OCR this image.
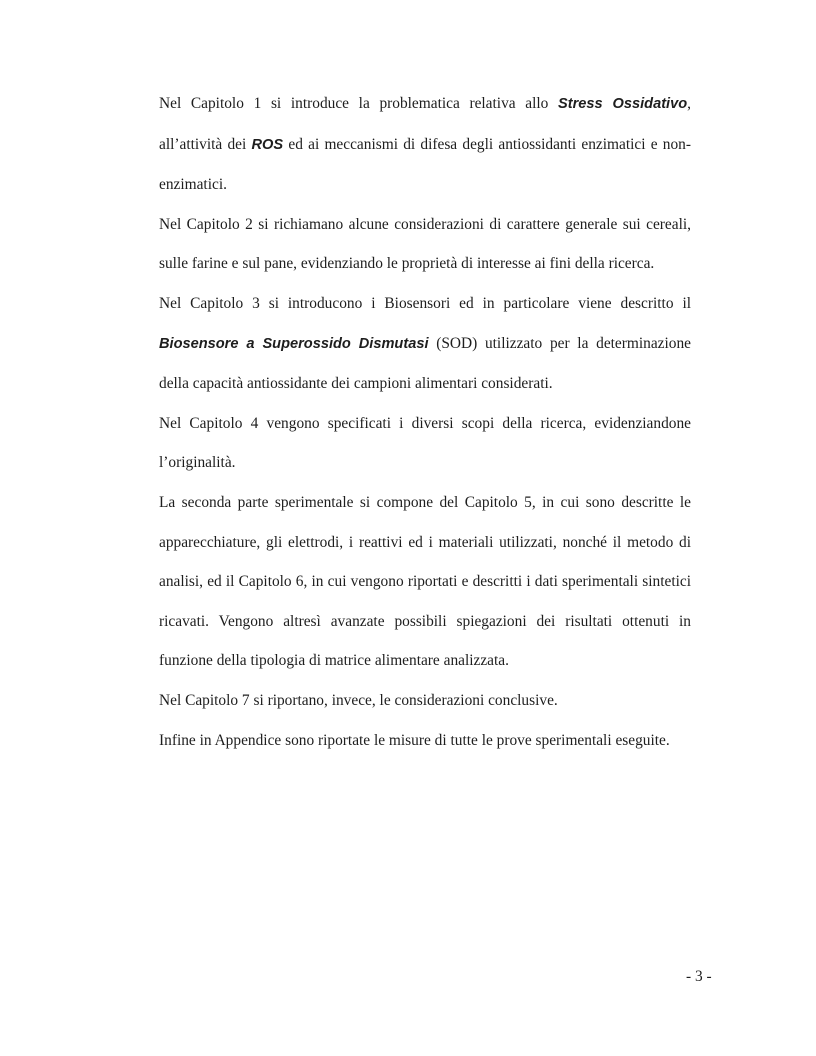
Nel Capitolo 1 si introduce la problematica relativa allo Stress Ossidativo, all’attività dei ROS ed ai meccanismi di difesa degli antiossidanti enzimatici e non-enzimatici.

Nel Capitolo 2 si richiamano alcune considerazioni di carattere generale sui cereali, sulle farine e sul pane, evidenziando le proprietà di interesse ai fini della ricerca.

Nel Capitolo 3 si introducono i Biosensori ed in particolare viene descritto il Biosensore a Superossido Dismutasi (SOD) utilizzato per la determinazione della capacità antiossidante dei campioni alimentari considerati.

Nel Capitolo 4 vengono specificati i diversi scopi della ricerca, evidenziandone l’originalità.

La seconda parte sperimentale si compone del Capitolo 5, in cui sono descritte le apparecchiature, gli elettrodi, i reattivi ed i materiali utilizzati, nonché il metodo di analisi, ed il Capitolo 6, in cui vengono riportati e descritti i dati sperimentali sintetici ricavati. Vengono altresì avanzate possibili spiegazioni dei risultati ottenuti in funzione della tipologia di matrice alimentare analizzata.

Nel Capitolo 7 si riportano, invece, le considerazioni conclusive.

Infine in Appendice sono riportate le misure di tutte le prove sperimentali eseguite.

- 3 -
